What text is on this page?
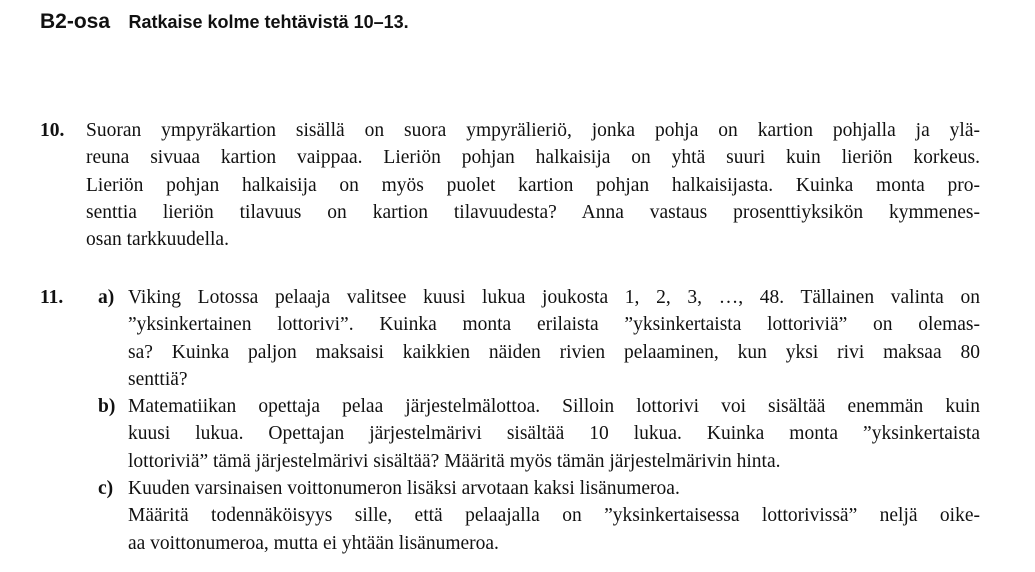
B2-osa Ratkaise kolme tehtävistä 10–13.
10. Suoran ympyräkartion sisällä on suora ympyrälieriö, jonka pohja on kartion pohjalla ja ylä-
reuna sivuaa kartion vaippaa. Lieriön pohjan halkaisija on yhtä suuri kuin lieriön korkeus.
Lieriön pohjan halkaisija on myös puolet kartion pohjan halkaisijasta. Kuinka monta pro-
senttia lieriön tilavuus on kartion tilavuudesta? Anna vastaus prosenttiyksikön kymmenes-
osan tarkkuudella.
11. a) Viking Lotossa pelaaja valitsee kuusi lukua joukosta 1, 2, 3, …, 48. Tällainen valinta on
”yksinkertainen lottorivi”. Kuinka monta erilaista ”yksinkertaista lottoriviä” on olemas-
sa? Kuinka paljon maksaisi kaikkien näiden rivien pelaaminen, kun yksi rivi maksaa 80
senttiä?
b) Matematiikan opettaja pelaa järjestelmälottoa. Silloin lottorivi voi sisältää enemmän kuin
kuusi lukua. Opettajan järjestelmärivi sisältää 10 lukua. Kuinka monta ”yksinkertaista
lottoriviä” tämä järjestelmärivi sisältää? Määritä myös tämän järjestelmärivin hinta.
c) Kuuden varsinaisen voittonumeron lisäksi arvotaan kaksi lisänumeroa.
Määritä todennäköisyys sille, että pelaajalla on ”yksinkertaisessa lottorivissä” neljä oike-
aa voittonumeroa, mutta ei yhtään lisänumeroa.
